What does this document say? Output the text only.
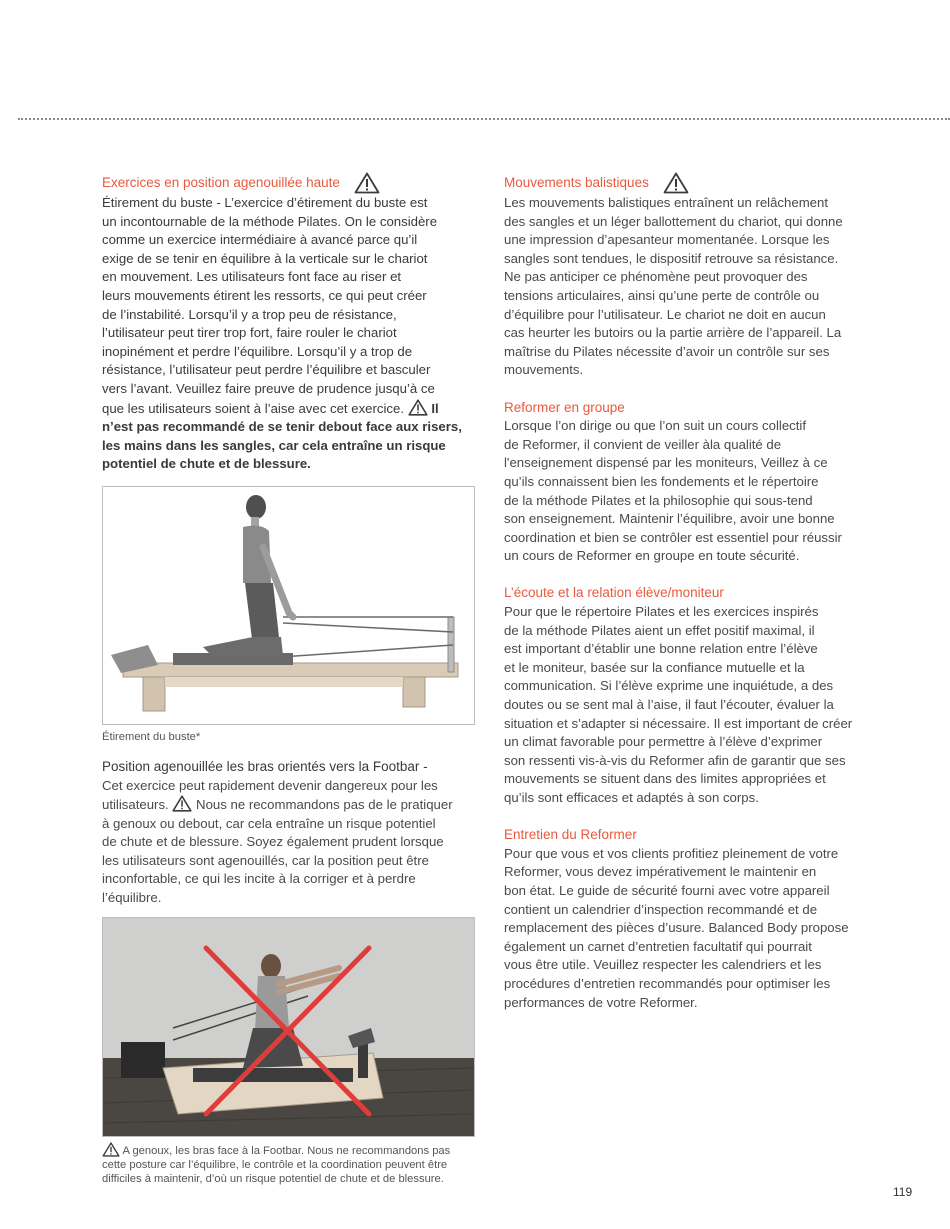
Exercices en position agenouillée haute
Étirement du buste - L’exercice d’étirement du buste est
un incontournable de la méthode Pilates. On le considère
comme un exercice intermédiaire à avancé parce qu’il
exige de se tenir en équilibre à la verticale sur le chariot
en mouvement. Les utilisateurs font face au riser et
leurs mouvements étirent les ressorts, ce qui peut créer
de l’instabilité. Lorsqu’il y a trop peu de résistance,
l’utilisateur peut tirer trop fort, faire rouler le chariot
inopinément et perdre l’équilibre. Lorsqu’il y a trop de
résistance, l’utilisateur peut perdre l’équilibre et basculer
vers l’avant. Veuillez faire preuve de prudence jusqu’à ce
que les utilisateurs soient à l’aise avec cet exercice. Il
n’est pas recommandé de se tenir debout face aux risers,
les mains dans les sangles, car cela entraîne un risque
potentiel de chute et de blessure.

Étirement du buste*

Position agenouillée les bras orientés vers la Footbar -

Cet exercice peut rapidement devenir dangereux pour les
utilisateurs. Nous ne recommandons pas de le pratiquer
à genoux ou debout, car cela entraîne un risque potentiel
de chute et de blessure. Soyez également prudent lorsque
les utilisateurs sont agenouillés, car la position peut être
inconfortable, ce qui les incite à la corriger et à perdre l’équilibre.
A genoux, les bras face à la Footbar. Nous ne recommandons pas
cette posture car l’équilibre, le contrôle et la coordination peuvent être
difficiles à maintenir, d’où un risque potentiel de chute et de blessure.
Mouvements balistiques
Les mouvements balistiques entraînent un relâchement
des sangles et un léger ballottement du chariot, qui donne
une impression d’apesanteur momentanée. Lorsque les
sangles sont tendues, le dispositif retrouve sa résistance.
Ne pas anticiper ce phénomène peut provoquer des
tensions articulaires, ainsi qu’une perte de contrôle ou
d’équilibre pour l’utilisateur. Le chariot ne doit en aucun
cas heurter les butoirs ou la partie arrière de l’appareil. La
maîtrise du Pilates nécessite d’avoir un contrôle sur ses
mouvements.

Reformer en groupe

Lorsque l’on dirige ou que l’on suit un cours collectif
de Reformer, il convient de veiller àla qualité de
l'enseignement dispensé par les moniteurs, Veillez à ce
qu’ils connaissent bien les fondements et le répertoire
de la méthode Pilates et la philosophie qui sous-tend
son enseignement. Maintenir l’équilibre, avoir une bonne
coordination et bien se contrôler est essentiel pour réussir
un cours de Reformer en groupe en toute sécurité.

L’écoute et la relation élève/moniteur

Pour que le répertoire Pilates et les exercices inspirés
de la méthode Pilates aient un effet positif maximal, il
est important d’établir une bonne relation entre l’élève
et le moniteur, basée sur la confiance mutuelle et la
communication. Si l’élève exprime une inquiétude, a des
doutes ou se sent mal à l’aise, il faut l’écouter, évaluer la
situation et s’adapter si nécessaire. Il est important de créer
un climat favorable pour permettre à l’élève d’exprimer
son ressenti vis-à-vis du Reformer afin de garantir que ses
mouvements se situent dans des limites appropriées et
qu’ils sont efficaces et adaptés à son corps.

Entretien du Reformer

Pour que vous et vos clients profitiez pleinement de votre
Reformer, vous devez impérativement le maintenir en
bon état. Le guide de sécurité fourni avec votre appareil
contient un calendrier d’inspection recommandé et de
remplacement des pièces d’usure. Balanced Body propose
également un carnet d’entretien facultatif qui pourrait
vous être utile. Veuillez respecter les calendriers et les
procédures d’entretien recommandés pour optimiser les
performances de votre Reformer.
119
